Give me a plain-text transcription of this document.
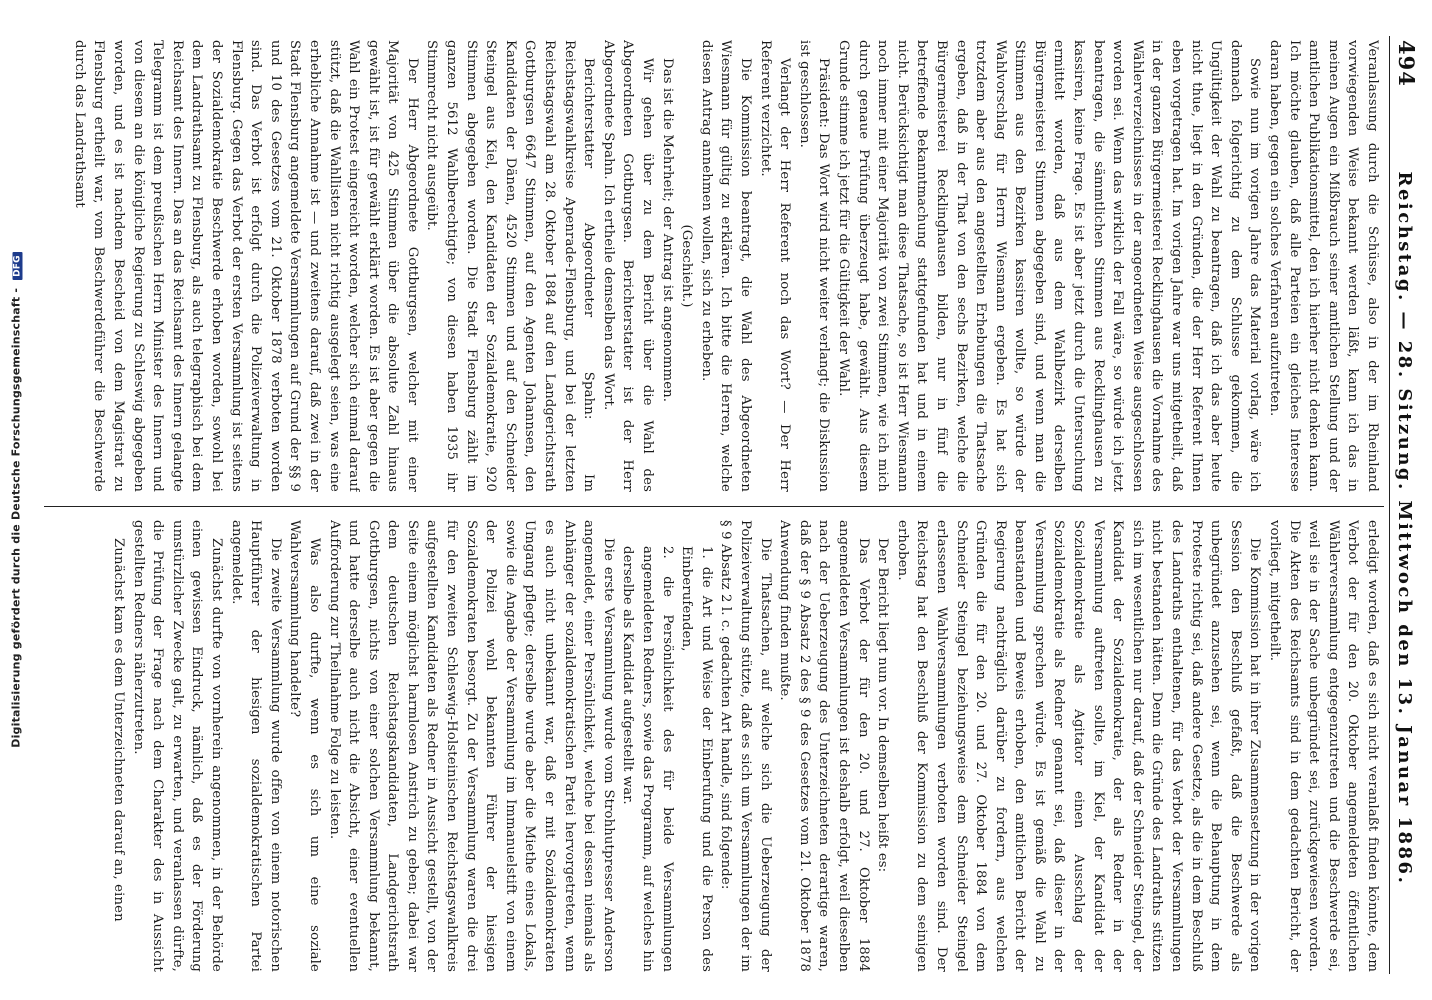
Digitalisierung gefördert durch die Deutsche Forschungsgemeinschaft - DFG
494
Reichstag. — 28. Sitzung. Mittwoch den 13. Januar 1886.

Veranlassung durch die Schüsse, also in der im Rheinland vorwiegenden Weise bekannt werden läßt, kann ich das in meinen Augen ein Mißbrauch seiner amtlichen Stellung und der amtlichen Publikationsmittel, den ich hierher nicht denken kann. Ich möchte glauben, daß alle Parteien ein gleiches Interesse daran haben, gegen ein solches Verfahren aufzutreten.

Sowie nun im vorigen Jahre das Material vorlag, wäre ich demnach folgerichtig zu dem Schlusse gekommen, die Ungültigkeit der Wahl zu beantragen, daß ich das aber heute nicht thue, liegt in den Gründen, die der Herr Referent Ihnen eben vorgetragen hat. Im vorigen Jahre war uns mitgetheilt, daß in der ganzen Bürgermeisterei Recklinghausen die Vornahme des Wählerverzeichnisses in der angeordneten Weise ausgeschlossen worden sei. Wenn das wirklich der Fall wäre, so würde ich jetzt beantragen, die sämmtlichen Stimmen aus Recklinghausen zu kassiren, keine Frage. Es ist aber jetzt durch die Untersuchung ermittelt worden, daß aus dem Wahlbezirk derselben Bürgermeisterei Stimmen abgegeben sind, und wenn man die Stimmen aus den Bezirken kassiren wollte, so würde der Wahlvorschlag für Herrn Wiesmann ergeben. Es hat sich trotzdem aber aus den angestellten Erhebungen die Thatsache ergeben, daß in der That von den sechs Bezirken, welche die Bürgermeisterei Recklinghausen bilden, nur in fünf die betreffende Bekanntmachung stattgefunden hat und in einem nicht. Berücksichtigt man diese Thatsache, so ist Herr Wiesmann noch immer mit einer Majorität von zwei Stimmen, wie ich mich durch genaue Prüfung überzeugt habe, gewählt. Aus diesem Grunde stimme ich jetzt für die Gültigkeit der Wahl.

Präsident: Das Wort wird nicht weiter verlangt; die Diskussion ist geschlossen.

Verlangt der Herr Referent noch das Wort? — Der Herr Referent verzichtet.

Die Kommission beantragt, die Wahl des Abgeordneten Wiesmann für gültig zu erklären. Ich bitte die Herren, welche diesen Antrag annehmen wollen, sich zu erheben.

(Geschieht.)

Das ist die Mehrheit; der Antrag ist angenommen.

Wir gehen über zu dem Bericht über die Wahl des Abgeordneten Gottburgsen. Berichterstatter ist der Herr Abgeordnete Spahn. Ich ertheile demselben das Wort.

Berichterstatter Abgeordneter Spahn: Im Reichstagswahlkreise Apenrade-Flensburg, und bei der letzten Reichstagswahl am 28. Oktober 1884 auf den Landgerichtsrath Gottburgsen 6647 Stimmen, auf den Agenten Johannsen, den Kandidaten der Dänen, 4520 Stimmen und auf den Schneider Steingel aus Kiel, den Kandidaten der Sozialdemokratie, 920 Stimmen abgegeben worden. Die Stadt Flensburg zählt im ganzen 5612 Wahlberechtigte; von diesen haben 1935 ihr Stimmrecht nicht ausgeübt.

Der Herr Abgeordnete Gottburgsen, welcher mit einer Majorität von 425 Stimmen über die absolute Zahl hinaus gewählt ist, ist für gewählt erklärt worden. Es ist aber gegen die Wahl ein Protest eingereicht worden, welcher sich einmal darauf stützt, daß die Wahllisten nicht richtig ausgelegt seien, was eine erhebliche Annahme ist — und zweitens darauf, daß zwei in der Stadt Flensburg angemeldete Versammlungen auf Grund der §§ 9 und 10 des Gesetzes vom 21. Oktober 1878 verboten worden sind. Das Verbot ist erfolgt durch die Polizeiverwaltung in Flensburg. Gegen das Verbot der ersten Versammlung ist seitens der Sozialdemokratie Beschwerde erhoben worden, sowohl bei dem Landrathsamt zu Flensburg, als auch telegraphisch bei dem Reichsamt des Innern. Das an das Reichsamt des Innern gelangte Telegramm ist dem preußischen Herrn Minister des Innern und von diesem an die königliche Regierung zu Schleswig abgegeben worden, und es ist nachdem Bescheid von dem Magistrat zu Flensburg ertheilt war, vom Beschwerdeführer die Beschwerde durch das Landrathsamt

erledigt worden, daß es sich nicht veranlaßt finden könnte, dem Verbot der für den 20. Oktober angemeldeten öffentlichen Wählerversammlung entgegenzutreten und die Beschwerde sei, weil sie in der Sache unbegründet sei, zurückgewiesen worden. Die Akten des Reichsamts sind in dem gedachten Bericht, der vorliegt, mitgetheilt.

Die Kommission hat in ihrer Zusammensetzung in der vorigen Session den Beschluß gefaßt, daß die Beschwerde als unbegründet anzusehen sei, wenn die Behauptung in dem Proteste richtig sei, daß andere Gesetze, als die in dem Beschluß des Landraths enthaltenen, für das Verbot der Versammlungen nicht bestanden hätten. Denn die Gründe des Landraths stützen sich im wesentlichen nur darauf, daß der Schneider Steingel, der Kandidat der Sozialdemokratie, der als Redner in der Versammlung auftreten sollte, im Kiel, der Kandidat der Sozialdemokratie als Agitator einen Ausschlag der Sozialdemokratie als Redner genannt sei, daß dieser in der Versammlung sprechen würde. Es ist gemäß die Wahl zu beanstanden und Beweis erhoben, den amtlichen Bericht der Regierung nachträglich darüber zu fordern, aus welchen Gründen die für den 20. und 27. Oktober 1884 von dem Schneider Steingel beziehungsweise dem Schneider Steingel erlassenen Wahlversammlungen verboten worden sind. Der Reichstag hat den Beschluß der Kommission zu dem seinigen erhoben.

Der Bericht liegt nun vor. In demselben heißt es:

Das Verbot der für den 20. und 27. Oktober 1884 angemeldeten Versammlungen ist deshalb erfolgt, weil dieselben nach der Ueberzeugung des Unterzeichneten derartige waren, daß der § 9 Absatz 2 des § 9 des Gesetzes vom 21. Oktober 1878 Anwendung finden mußte.

Die Thatsachen, auf welche sich die Ueberzeugung der Polizeiverwaltung stützte, daß es sich um Versammlungen der im § 9 Absatz 2 l. c. gedachten Art handle, sind folgende:

1. die Art und Weise der Einberufung und die Person des Einberufenden,

2. die Persönlichkeit des für beide Versammlungen angemeldeten Redners, sowie das Programm, auf welches hin derselbe als Kandidat aufgestellt war.

Die erste Versammlung wurde vom Strohhutpresser Anderson angemeldet, einer Persönlichkeit, welche bei dessen niemals als Anhänger der sozialdemokratischen Partei hervorgetreten, wenn es auch nicht unbekannt war, daß er mit Sozialdemokraten Umgang pflegte; derselbe wurde aber die Miethe eines Lokals, sowie die Angabe der Versammlung im Immanuelstift von einem der Polizei wohl bekannten Führer der hiesigen Sozialdemokraten besorgt. Zu der Versammlung waren die drei für den zweiten Schleswig-Holsteinischen Reichstagswahlkreis aufgestellten Kandidaten als Redner in Aussicht gestellt, von der Seite einem möglichst harmlosen Anstrich zu geben; dabei war dem deutschen Reichstagskandidaten, Landgerichtsrath Gottburgsen, nichts von einer solchen Versammlung bekannt, und hatte derselbe auch nicht die Absicht, einer eventuellen Aufforderung zur Theilnahme Folge zu leisten.

Was also durfte, wenn es sich um eine soziale Wahlversammlung handelte?

Die zweite Versammlung wurde offen von einem notorischen Hauptführer der hiesigen sozialdemokratischen Partei angemeldet.

Zunächst durfte von vornherein angenommen, in der Behörde einen gewissen Eindruck, nämlich, daß es der Förderung umstürzlicher Zwecke galt, zu erwarten, und veranlassen dürfte, die Prüfung der Frage nach dem Charakter des in Aussicht gestellten Redners näherzutreten.

Zunächst kam es dem Unterzeichneten darauf an, einen
